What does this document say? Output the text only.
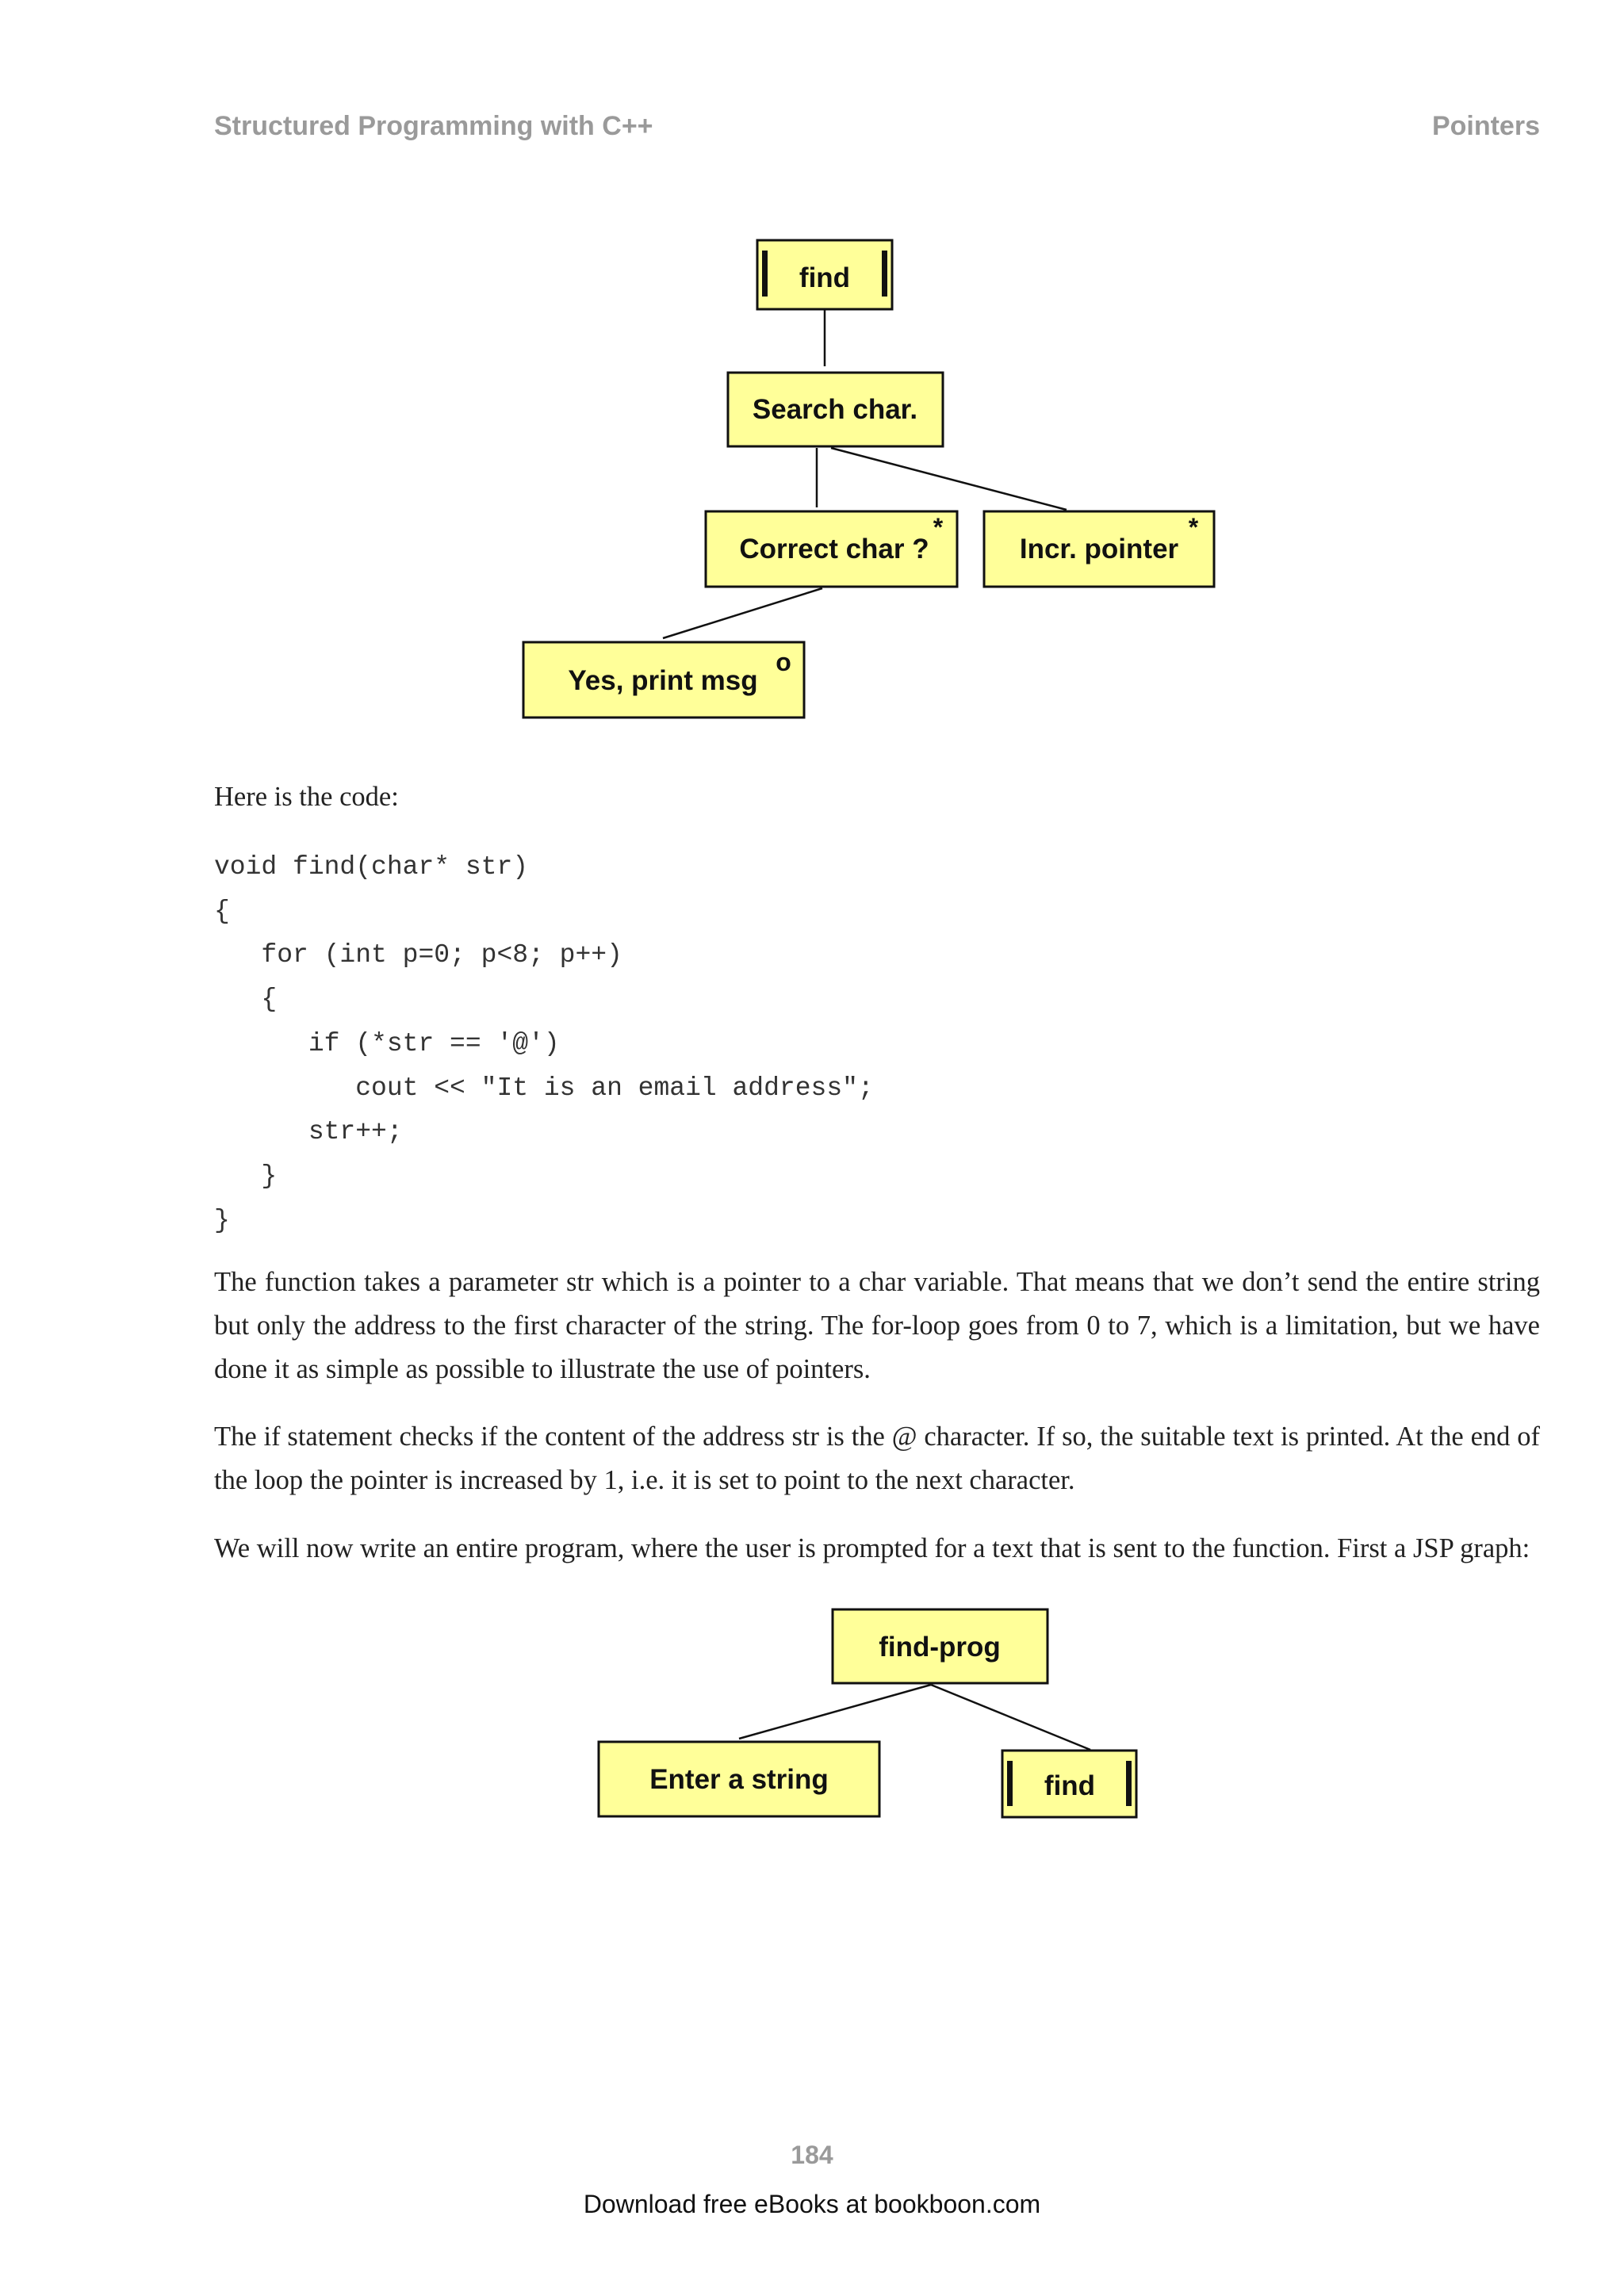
Structured Programming with C++	Pointers
find
Search char.
Correct char ?
*
Incr. pointer
*
Yes, print msg
o

Here is the code:

void find(char* str)
{
for (int p=0; p<8; p++)
{
if (*str == '@')
cout << "It is an email address";
str++;
}
}

The function takes a parameter str which is a pointer to a char variable. That means that we don’t send the entire string but only the address to the first character of the string. The for-loop goes from 0 to 7, which is a limitation, but we have done it as simple as possible to illustrate the use of pointers.

The if statement checks if the content of the address str is the @ character. If so, the suitable text is printed. At the end of the loop the pointer is increased by 1, i.e. it is set to point to the next character.

We will now write an entire program, where the user is prompted for a text that is sent to the function. First a JSP graph:

find-prog
Enter a string	find
184
Download free eBooks at bookboon.com
